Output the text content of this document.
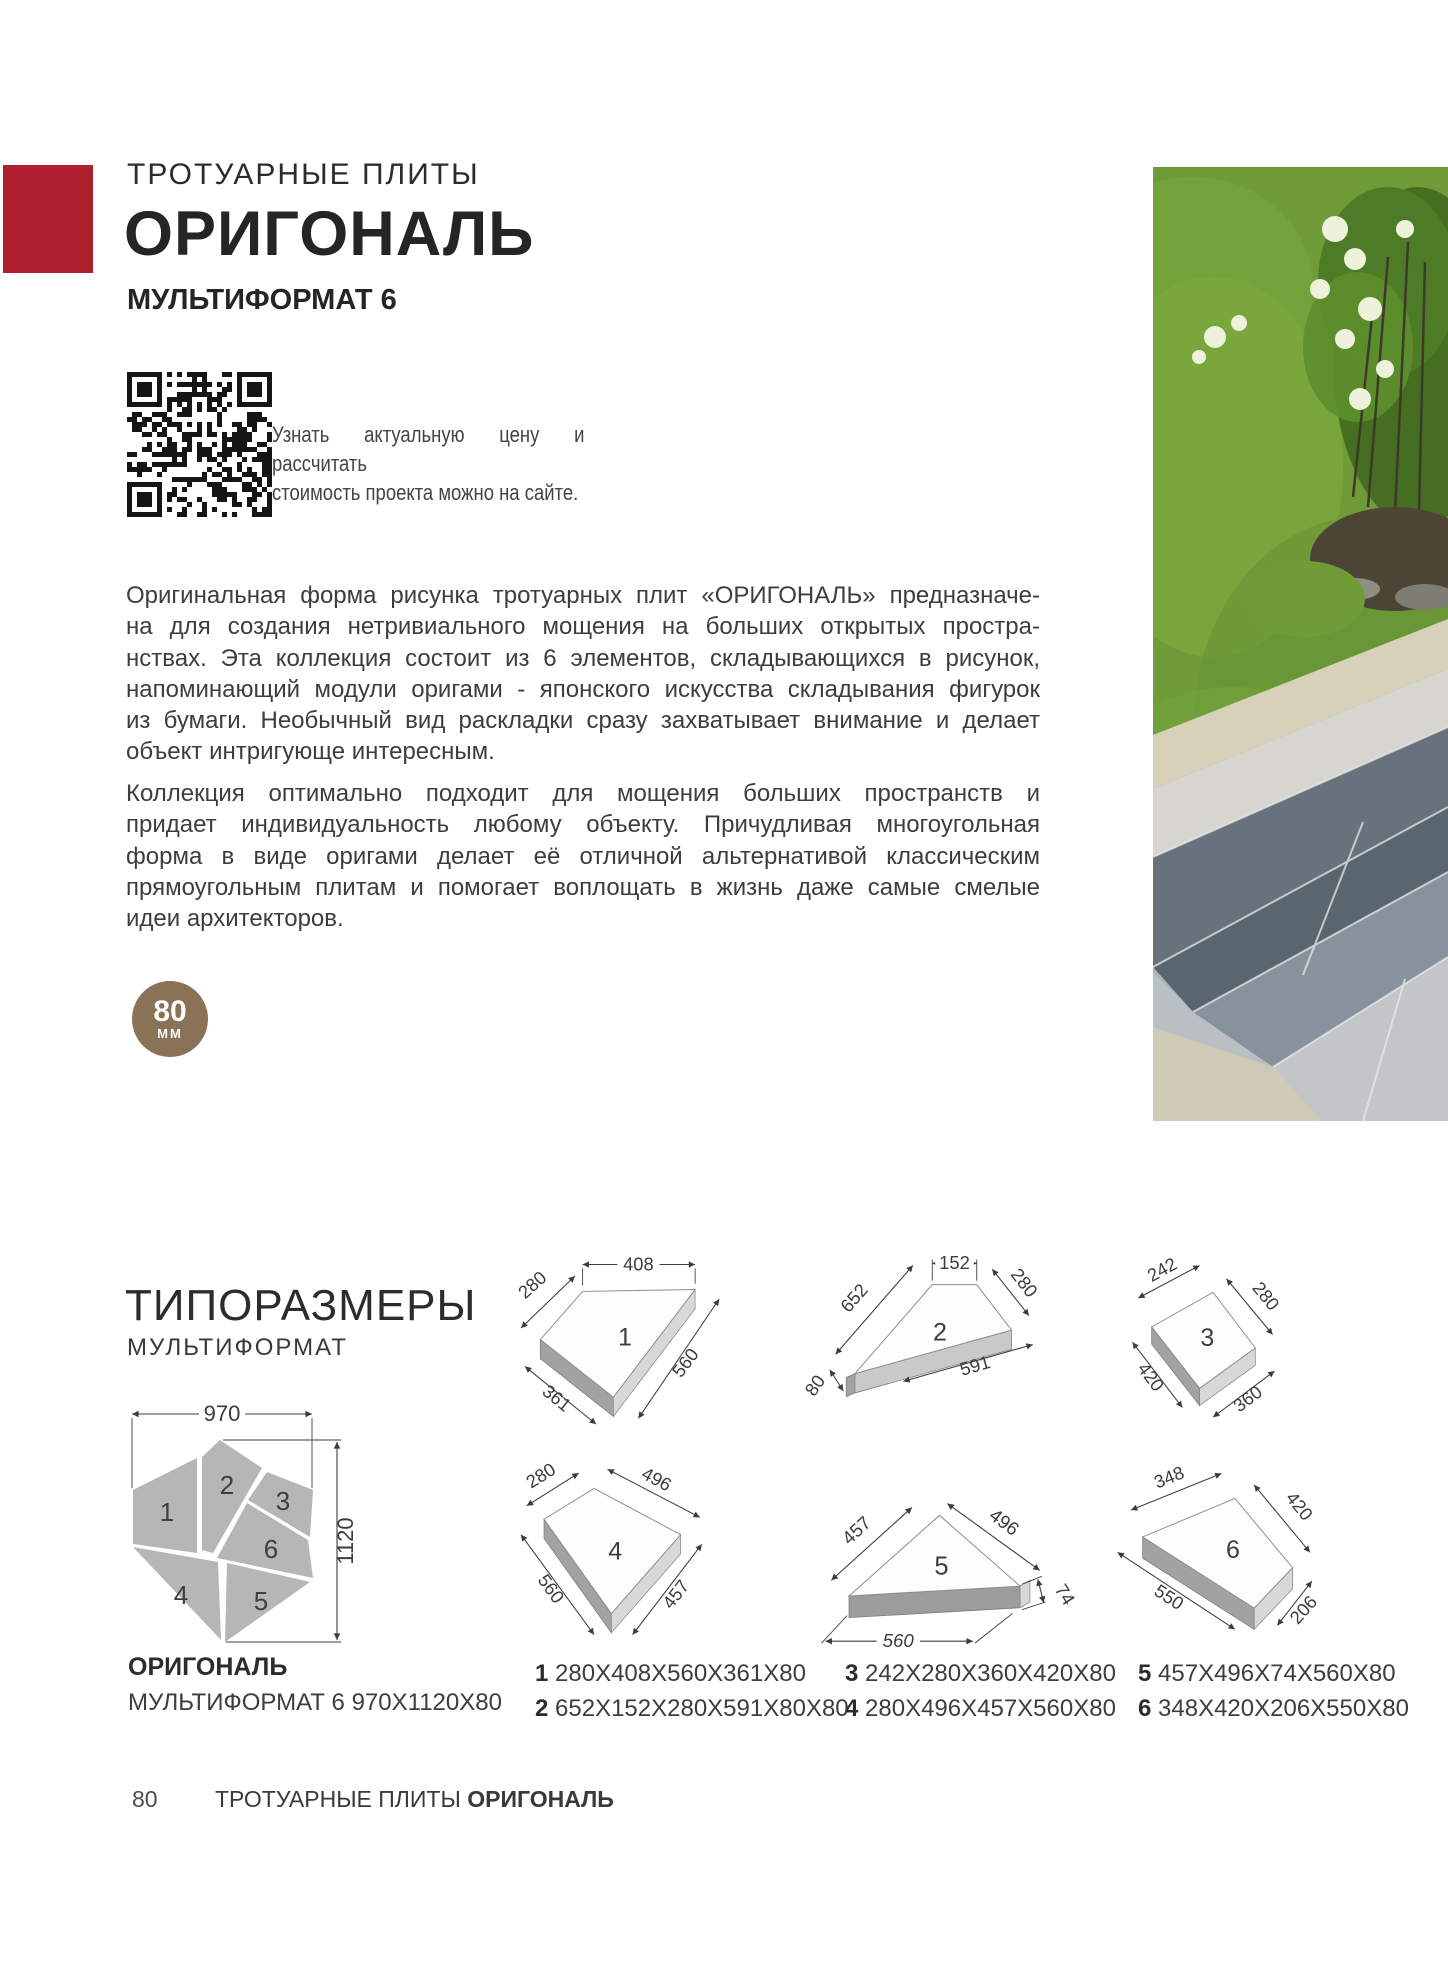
ТРОТУАРНЫЕ ПЛИТЫ
ОРИГОНАЛЬ
МУЛЬТИФОРМАТ 6
Узнать актуальную цену и рассчитать
стоимость проекта можно на сайте.
Оригинальная форма рисунка тротуарных плит «ОРИГОНАЛЬ» предназначе-
на для создания нетривиального мощения на больших открытых простра-
нствах. Эта коллекция состоит из 6 элементов, складывающихся в рисунок,
напоминающий модули оригами - японского искусства складывания фигурок
из бумаги. Необычный вид раскладки сразу захватывает внимание и делает
объект интригующе интересным.
Коллекция оптимально подходит для мощения больших пространств и
придает индивидуальность любому объекту. Причудливая многоугольная
форма в виде оригами делает её отличной альтернативой классическим
прямоугольным плитам и помогает воплощать в жизнь даже самые смелые
идеи архитекторов.
80
ММ
ТИПОРАЗМЕРЫ
МУЛЬТИФОРМАТ
1
2
3
4	5
6
970
1120
1
408
280
560
361
2
152
652	280
591
80
3
242
280
420
360
4
280	496
560	457
5
457	496
74
560
6
348
420
550	206
ОРИГОНАЛЬ
МУЛЬТИФОРМАТ 6 970Х1120Х80
1 280Х408Х560Х361Х80
2 652Х152Х280Х591Х80Х80
3 242Х280Х360Х420Х80
4 280Х496Х457Х560Х80
5 457Х496Х74Х560Х80
6 348Х420Х206Х550Х80
80 ТРОТУАРНЫЕ ПЛИТЫ ОРИГОНАЛЬ
